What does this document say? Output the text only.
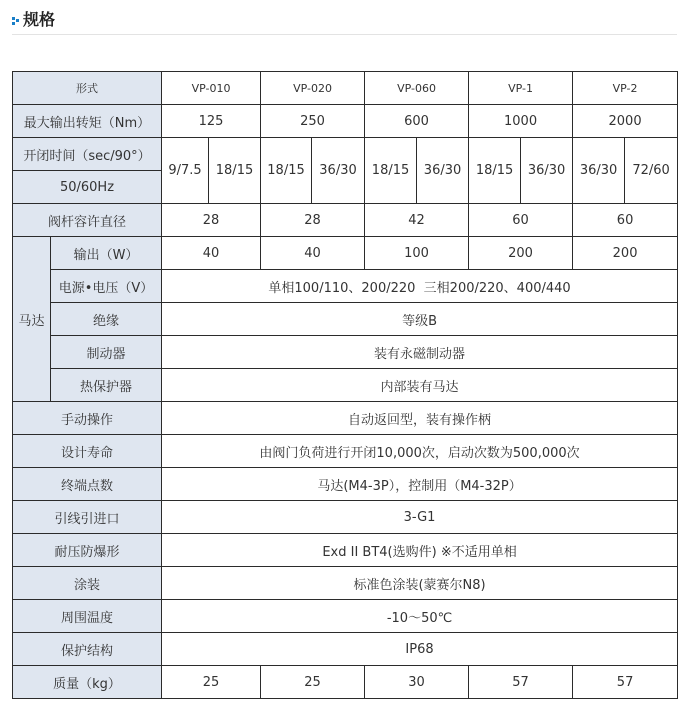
规格
形式		VP-010		VP-020		VP-060		VP-1		VP-2	
最大输出转矩（Nm）		125		250		600		1000		2000	
开闭时间（sec/90°）		9/7.5	18/15	18/15	36/30	18/15	36/30	18/15	36/30	36/30	72/60
50/60Hz											
阀杆容许直径		28		28		42		60		60	
马达	输出（W）	40		40		100		200		200	
	电源•电压（V）	单相100/110、200/220  三相200/220、400/440									
	绝缘	等级B									
	制动器	装有永磁制动器									
	热保护器	内部装有马达									
手动操作		自动返回型，装有操作柄									
设计寿命		由阀门负荷进行开闭10,000次，启动次数为500,000次									
终端点数		马达(M4-3P），控制用（M4-32P）									
引线引进口		3-G1									
耐压防爆形		Exd II BT4(选购件) ※不适用单相									
涂装		标准色涂装(蒙赛尔N8)									
周围温度		-10～50℃									
保护结构		IP68									
质量（kg）		25		25		30		57		57	
